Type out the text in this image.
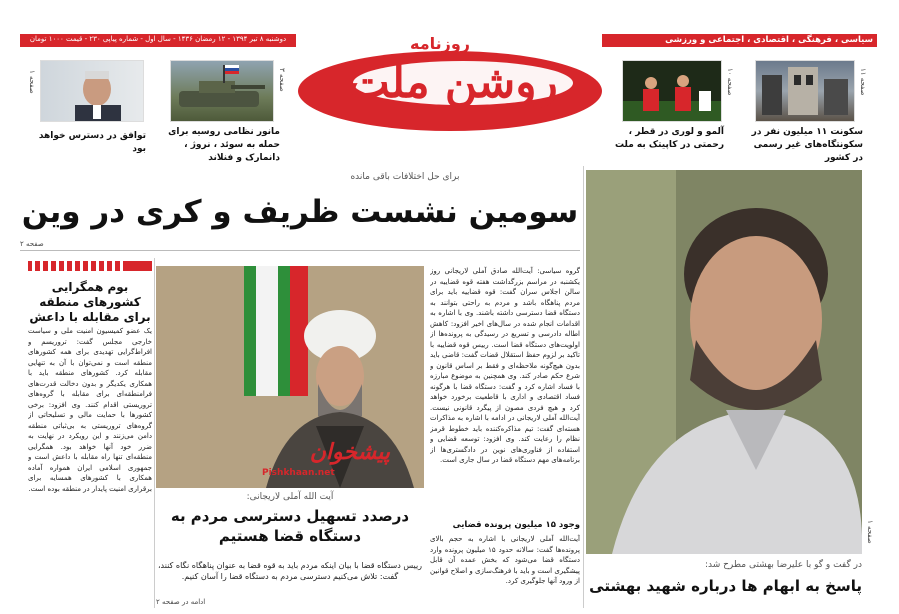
دوشنبه ۸ تیر ۱۳۹۴ - ۱۲ رمضان ۱۴۳۶ - سال اول - شماره پیاپی ۲۳۰ - قیمت ۱۰۰۰ تومان	سیاسی ، فرهنگی ، اقتصادی ، اجتماعی و ورزشی
روشن ملت
روزنامه
صفحه ۱۱
سکونت ۱۱ میلیون نفر در سکونتگاه‌های غیر رسمی در کشور
صفحه ۱۰
آلمو و لوری در قطر ، رحمتی در کاپیتک به ملت
صفحه ۳
مانور نظامی روسیه برای حمله به سوئد ، نروژ ، دانمارک و فنلاند
صفحه ۱
توافق در دسترس خواهد بود
برای حل اختلافات باقی مانده
سومین نشست ظریف و کری در وین
صفحه ۲
بوم همگرایی کشورهای منطقه برای مقابله با داعش
یک عضو کمیسیون امنیت ملی و سیاست خارجی مجلس گفت: تروریسم و افراط‌گرایی تهدیدی برای همه کشورهای منطقه است و نمی‌توان با آن به تنهایی مقابله کرد. کشورهای منطقه باید با همکاری یکدیگر و بدون دخالت قدرت‌های فرامنطقه‌ای برای مقابله با گروه‌های تروریستی اقدام کنند. وی افزود: برخی کشورها با حمایت مالی و تسلیحاتی از گروه‌های تروریستی به بی‌ثباتی منطقه دامن می‌زنند و این رویکرد در نهایت به ضرر خود آنها خواهد بود. همگرایی منطقه‌ای تنها راه مقابله با داعش است و جمهوری اسلامی ایران همواره آماده همکاری با کشورهای همسایه برای برقراری امنیت پایدار در منطقه بوده است.
پیشخوان
Pishkhaan.net
آیت الله آملی لاریجانی:
درصدد تسهیل دسترسی مردم به دستگاه قضا هستیم
رییس دستگاه قضا با بیان اینکه مردم باید به قوه قضا به عنوان پناهگاه نگاه کنند، گفت: تلاش می‌کنیم دسترسی مردم به دستگاه قضا را آسان کنیم.
ادامه در صفحه ۲
گروه سیاسی: آیت‌الله صادق آملی لاریجانی روز یکشنبه در مراسم بزرگداشت هفته قوه قضاییه در سالن اجلاس سران گفت: قوه قضاییه باید برای مردم پناهگاه باشد و مردم به راحتی بتوانند به دستگاه قضا دسترسی داشته باشند. وی با اشاره به اقدامات انجام شده در سال‌های اخیر افزود: کاهش اطاله دادرسی و تسریع در رسیدگی به پرونده‌ها از اولویت‌های دستگاه قضا است. رییس قوه قضاییه با تاکید بر لزوم حفظ استقلال قضات گفت: قاضی باید بدون هیچ‌گونه ملاحظه‌ای و فقط بر اساس قانون و شرع حکم صادر کند. وی همچنین به موضوع مبارزه با فساد اشاره کرد و گفت: دستگاه قضا با هرگونه فساد اقتصادی و اداری با قاطعیت برخورد خواهد کرد و هیچ فردی مصون از پیگرد قانونی نیست. آیت‌الله آملی لاریجانی در ادامه با اشاره به مذاکرات هسته‌ای گفت: تیم مذاکره‌کننده باید خطوط قرمز نظام را رعایت کند. وی افزود: توسعه قضایی و استفاده از فناوری‌های نوین در دادگستری‌ها از برنامه‌های مهم دستگاه قضا در سال جاری است.
وجود ۱۵ میلیون پرونده قضایی
آیت‌الله آملی لاریجانی با اشاره به حجم بالای پرونده‌ها گفت: سالانه حدود ۱۵ میلیون پرونده وارد دستگاه قضا می‌شود که بخش عمده آن قابل پیشگیری است و باید با فرهنگ‌سازی و اصلاح قوانین از ورود آنها جلوگیری کرد.
صفحه ۱
در گفت و گو با علیرضا بهشتی مطرح شد:
پاسخ به ابهام ها درباره شهید بهشتی
